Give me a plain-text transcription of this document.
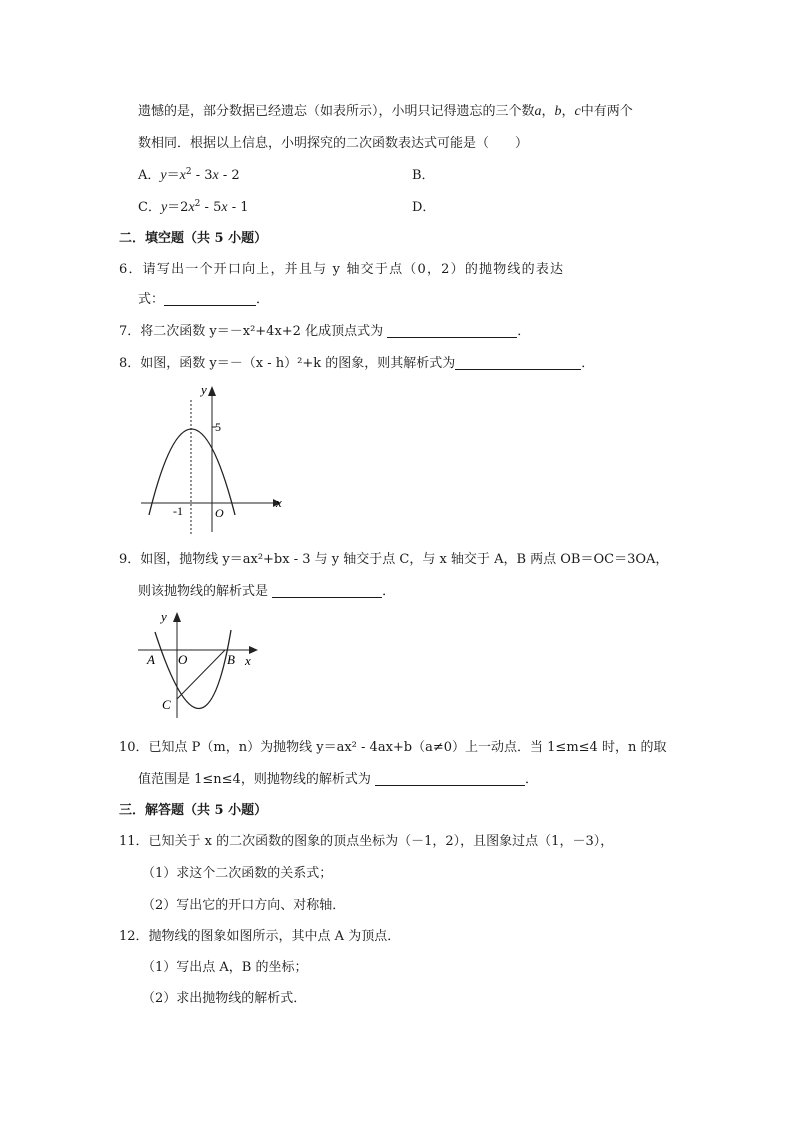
遗憾的是，部分数据已经遗忘（如表所示），小明只记得遗忘的三个数a，b，c中有两个
数相同．根据以上信息，小明探究的二次函数表达式可能是（　　）
A．$y=x^2 - 3x - 2$	B．
C．$y=2x^2 - 5x - 1$	D．
二．填空题（共 5 小题）
6．请写出一个开口向上，并且与 y 轴交于点（0，2）的抛物线的表达
式：	．
7．将二次函数 y＝－x²+4x+2 化成顶点式为	．
8．如图，函数 y＝－（x - h）²+k 的图象，则其解析式为	．
y
x
5
-1	O
9．如图，抛物线 y＝ax²+bx - 3 与 y 轴交于点 C，与 x 轴交于 A，B 两点 OB＝OC＝3OA，
则该抛物线的解析式是	．
y
x
A O	B
C
10．已知点 P（m，n）为抛物线 y＝ax² - 4ax+b（a≠0）上一动点．当 1≤m≤4 时，n 的取
值范围是 1≤n≤4，则抛物线的解析式为	．
三．解答题（共 5 小题）
11．已知关于 x 的二次函数的图象的顶点坐标为（－1，2），且图象过点（1，－3），
（1）求这个二次函数的关系式；
（2）写出它的开口方向、对称轴．
12．抛物线的图象如图所示，其中点 A 为顶点．
（1）写出点 A，B 的坐标；
（2）求出抛物线的解析式．
